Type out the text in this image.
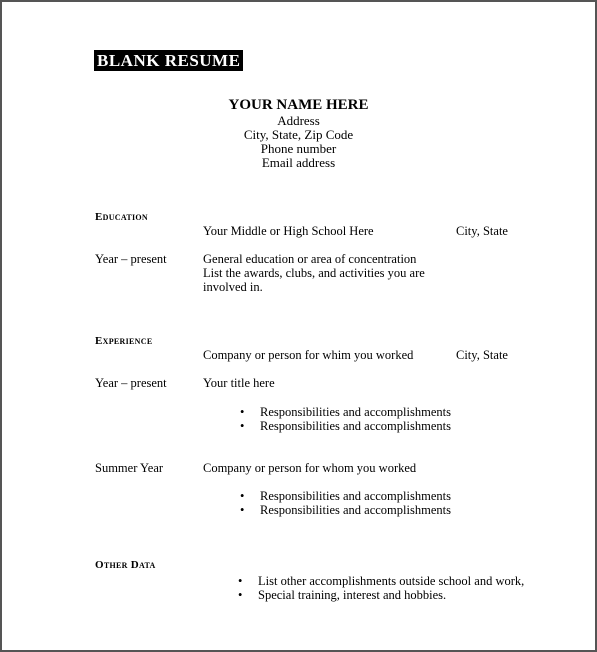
BLANK RESUME
YOUR NAME HERE
Address
City, State, Zip Code
Phone number
Email address
Education
Your Middle or High School Here	City, State
Year – present	General education or area of concentration
List the awards, clubs, and activities you are
involved in.
Experience
Company or person for whim you worked	City, State
Year – present	Your title here
• Responsibilities and accomplishments
• Responsibilities and accomplishments
Summer Year	Company or person for whom you worked
• Responsibilities and accomplishments
• Responsibilities and accomplishments
Other Data
• List other accomplishments outside school and work,
• Special training, interest and hobbies.
